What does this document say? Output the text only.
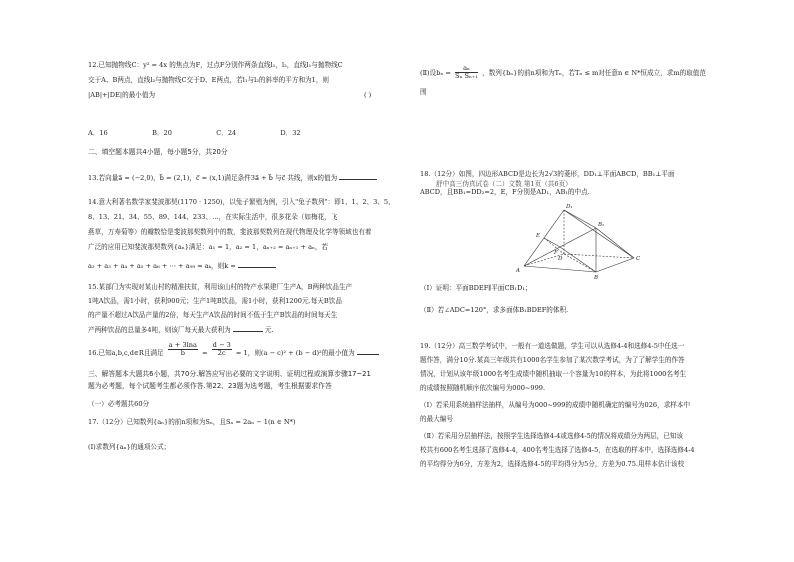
12.已知抛物线C：y² = 4x 的焦点为F，过点F分别作两条直线l₁，l₂，直线l₁与抛物线C
交于A、B两点，直线l₂与抛物线C交于D、E两点，若l₁与l₂的斜率的平方和为1，则
|AB|+|DE|的最小值为	( )
A．16	B．20	C．24	D．32
二、填空题本题共4小题，每小题5分，共20分
13.若向量a⃗ = (−2,0)，b⃗ = (2,1)，c⃗ = (x,1)满足条件3a⃗ + b⃗ 与c⃗ 共线，则x的值为
14.意大利著名数学家斐波那契(1170 · 1250)，以兔子繁殖为例，引入"兔子数列"：即1、1、2、3、5、
8、13、21、34、55、89、144、233、…，在实际生活中，很多花朵（如梅花，飞
燕草，万寿菊等）的瓣数恰是斐波那契数列中的数，斐波那契数列在现代物理及化学等领域也有着
广泛的应用已知斐波那契数列{aₙ}满足：a₁ = 1，a₂ = 1，aₙ₊₂ = aₙ₊₁ + aₙ，若
a₂ + a₃ + a₄ + a₅ + a₆ + ⋯ + a₉₉ = aₖ，则k =
15.某部门为实现对某山村的精准扶贫，利用该山村的特产水果建厂生产A，B两种饮品生产
1吨A饮品，需1小时，获利900元；生产1吨B饮品，需1小时，获利1200元.每天B饮品
的产量不超过A饮品产量的2倍，每天生产A饮品的时间不低于生产B饮品的时间每天生
产两种饮品的总量多4吨，则该厂每天最大获利为	元.
16.已知a,b,c,d∈R且满足 $\frac{a + 3\ln a}{b} = \frac{d - 3}{2c} = 1$，则(a − c)² + (b − d)²的最小值为
三、解答题本大题共6小题，共70分.解答应写出必要的文字说明、证明过程或演算步骤17~21
题为必考题，每个试题考生都必须作答.第22、23题为选考题，考生根据要求作答
（一）必考题共60分
17.（12分）已知数列{aₙ}的前n项和为Sₙ，且Sₙ = 2aₙ − 1(n ∈ N*)
(Ⅰ)求数列{aₙ}的通项公式；
(Ⅱ)设$b_n = \frac{\text{aₙ}}{\text{Sₙ Sₙ₊₁}}$ ，数列{bₙ}的前n项和为Tₙ，若Tₙ ≤ m对任意n ∈ N*恒成立，求m的取值范
围
18.（12分）如图，四边形ABCD是边长为2√3的菱形，DD₁⊥平面ABCD，BB₁⊥平面
舒中高三伪真试卷（二）文数 第1页（共6页）
ABCD，且BB₁=DD₂=2，E，F分别是AD₁，AB₁的中点.
D₁
B₁
E
F
D	C
A
B
（Ⅰ）证明：平面BDEF∥平面CB₁D₁；
（Ⅱ）若∠ADC=120°，求多面体B₁BDEF的体积.
19.（12分）高三数学考试中，一般有一道选做题，学生可以从选修4-4和选修4-5中任选一
题作答，满分10分.某高三年级共有1000名学生参加了某次数学考试，为了了解学生的作答
情况，计划从该年级1000名考生成绩中随机抽取一个容量为10的样本，为此将1000名考生
的成绩按照随机顺序依次编号为000~999.
（Ⅰ）若采用系统抽样法抽样，从编号为000~999的成绩中随机确定的编号为026，求样本中
的最大编号
（Ⅱ）若采用分层抽样法，按照学生选择选修4-4或选修4-5的情况将成绩分为两层，已知该
校共有600名考生选择了选修4-4，400名考生选择了选修4-5，在选取的样本中，选择选修4-4
的平均得分为6分，方差为2，选择选修4-5的平均得分为5分，方差为0.75.用样本估计该校
